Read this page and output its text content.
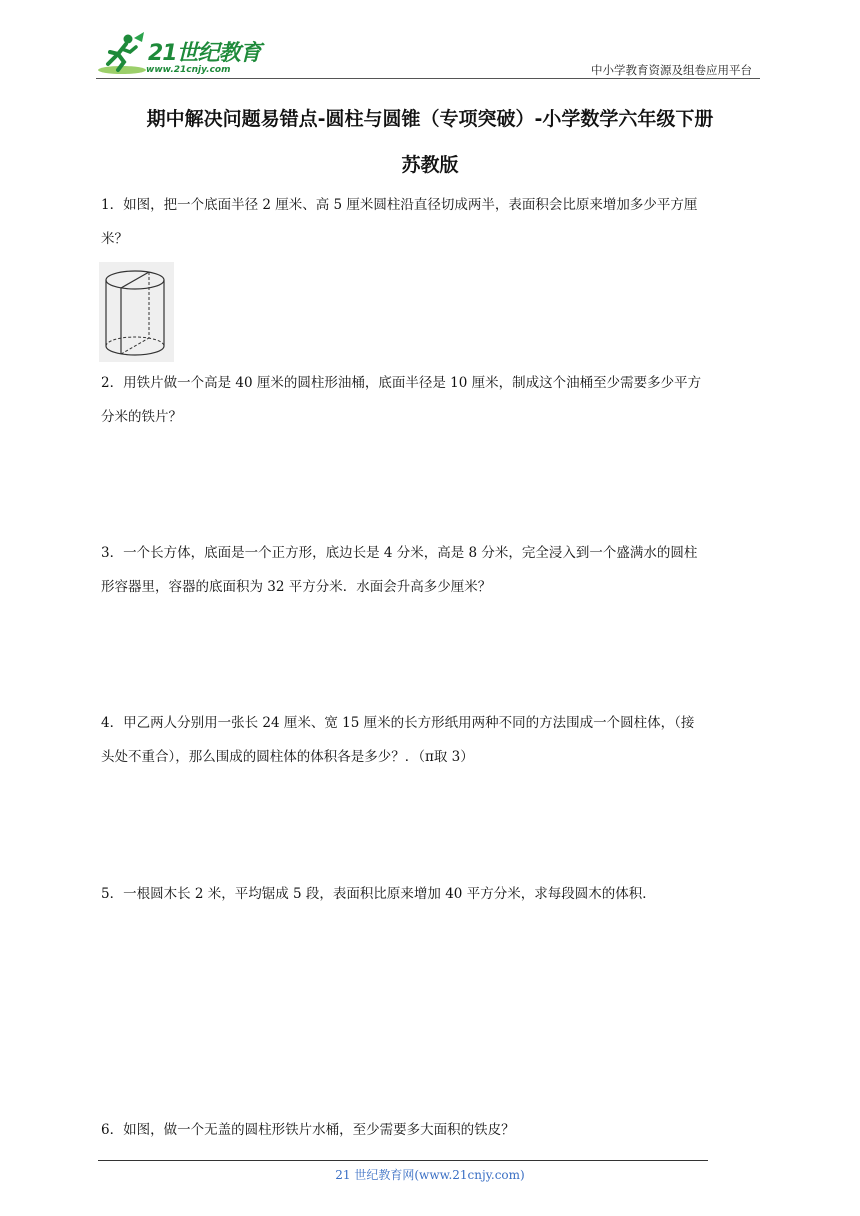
21世纪教育
www.21cnjy.com	中小学教育资源及组卷应用平台
期中解决问题易错点-圆柱与圆锥（专项突破）-小学数学六年级下册
苏教版
1．如图，把一个底面半径 2 厘米、高 5 厘米圆柱沿直径切成两半，表面积会比原来增加多少平方厘
米？
2．用铁片做一个高是 40 厘米的圆柱形油桶，底面半径是 10 厘米，制成这个油桶至少需要多少平方
分米的铁片？
3．一个长方体，底面是一个正方形，底边长是 4 分米，高是 8 分米，完全浸入到一个盛满水的圆柱
形容器里，容器的底面积为 32 平方分米．水面会升高多少厘米？
4．甲乙两人分别用一张长 24 厘米、宽 15 厘米的长方形纸用两种不同的方法围成一个圆柱体，（接
头处不重合），那么围成的圆柱体的体积各是多少？．（π取 3）
5．一根圆木长 2 米，平均锯成 5 段，表面积比原来增加 40 平方分米，求每段圆木的体积．
6．如图，做一个无盖的圆柱形铁片水桶，至少需要多大面积的铁皮？
21 世纪教育网(www.21cnjy.com)
